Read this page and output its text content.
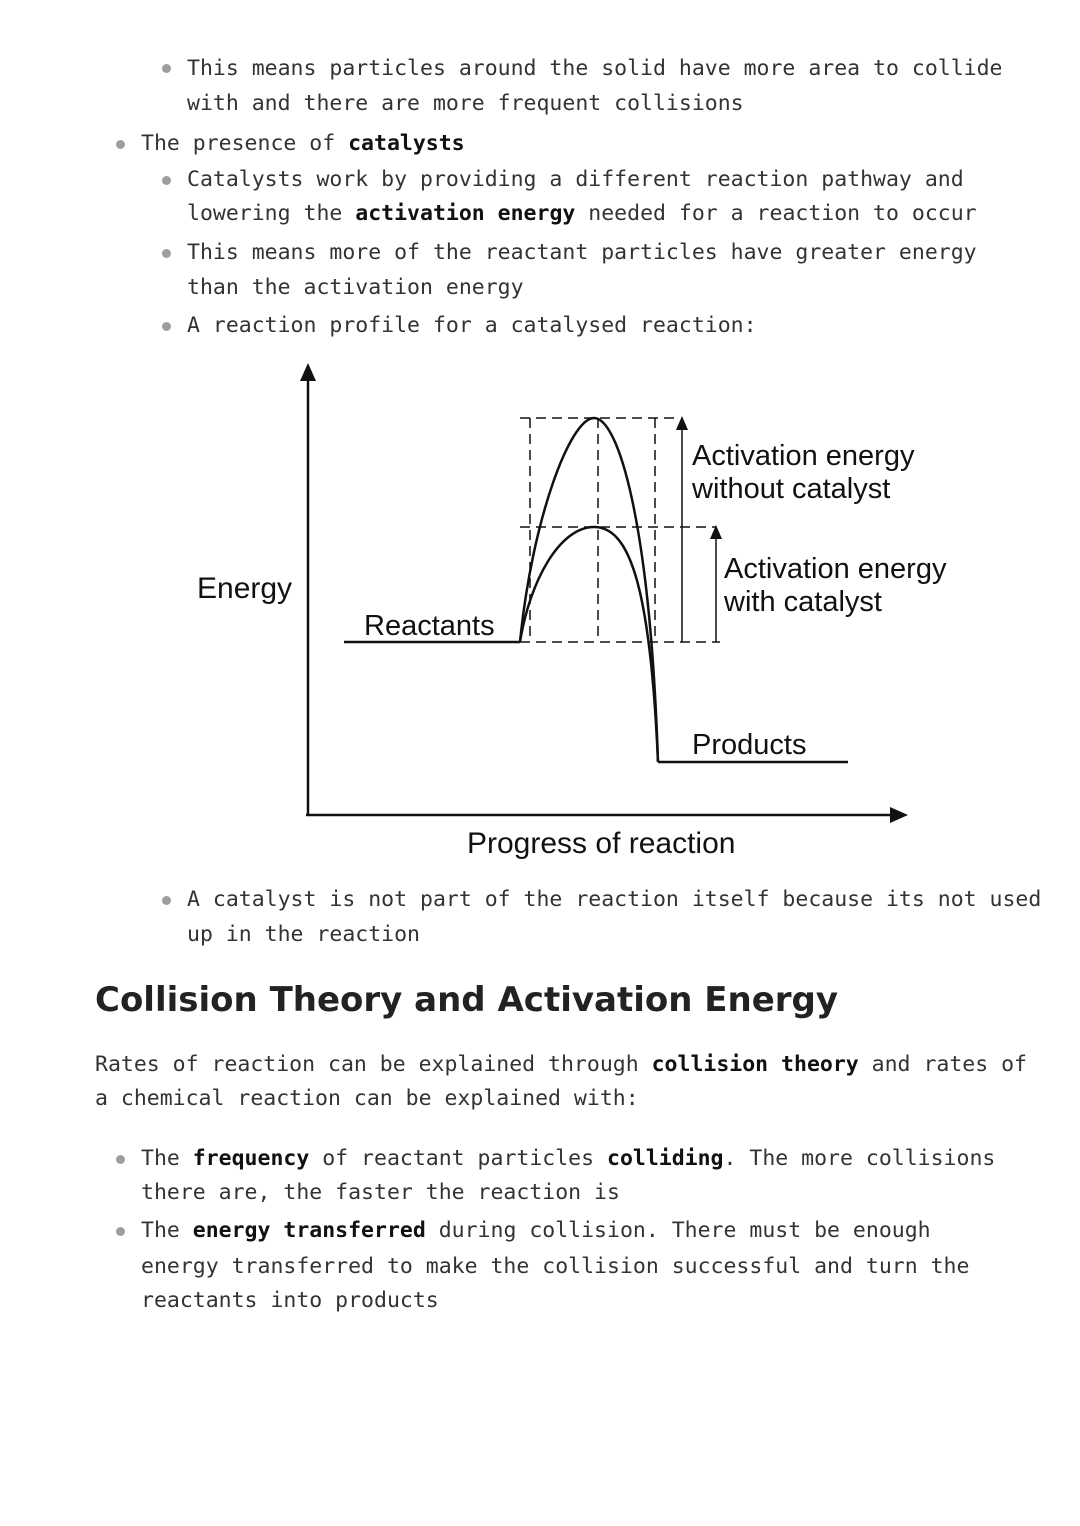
This means particles around the solid have more area to collide
with and there are more frequent collisions
The presence of catalysts
Catalysts work by providing a different reaction pathway and
lowering the activation energy needed for a reaction to occur
This means more of the reactant particles have greater energy
than the activation energy
A reaction profile for a catalysed reaction:
Energy
Reactants
Products
Progress of reaction
Activation energy
without catalyst
Activation energy
with catalyst
A catalyst is not part of the reaction itself because its not used
up in the reaction
Collision Theory and Activation Energy
Rates of reaction can be explained through collision theory and rates of
a chemical reaction can be explained with:
The frequency of reactant particles colliding. The more collisions
there are, the faster the reaction is
The energy transferred during collision. There must be enough
energy transferred to make the collision successful and turn the
reactants into products
